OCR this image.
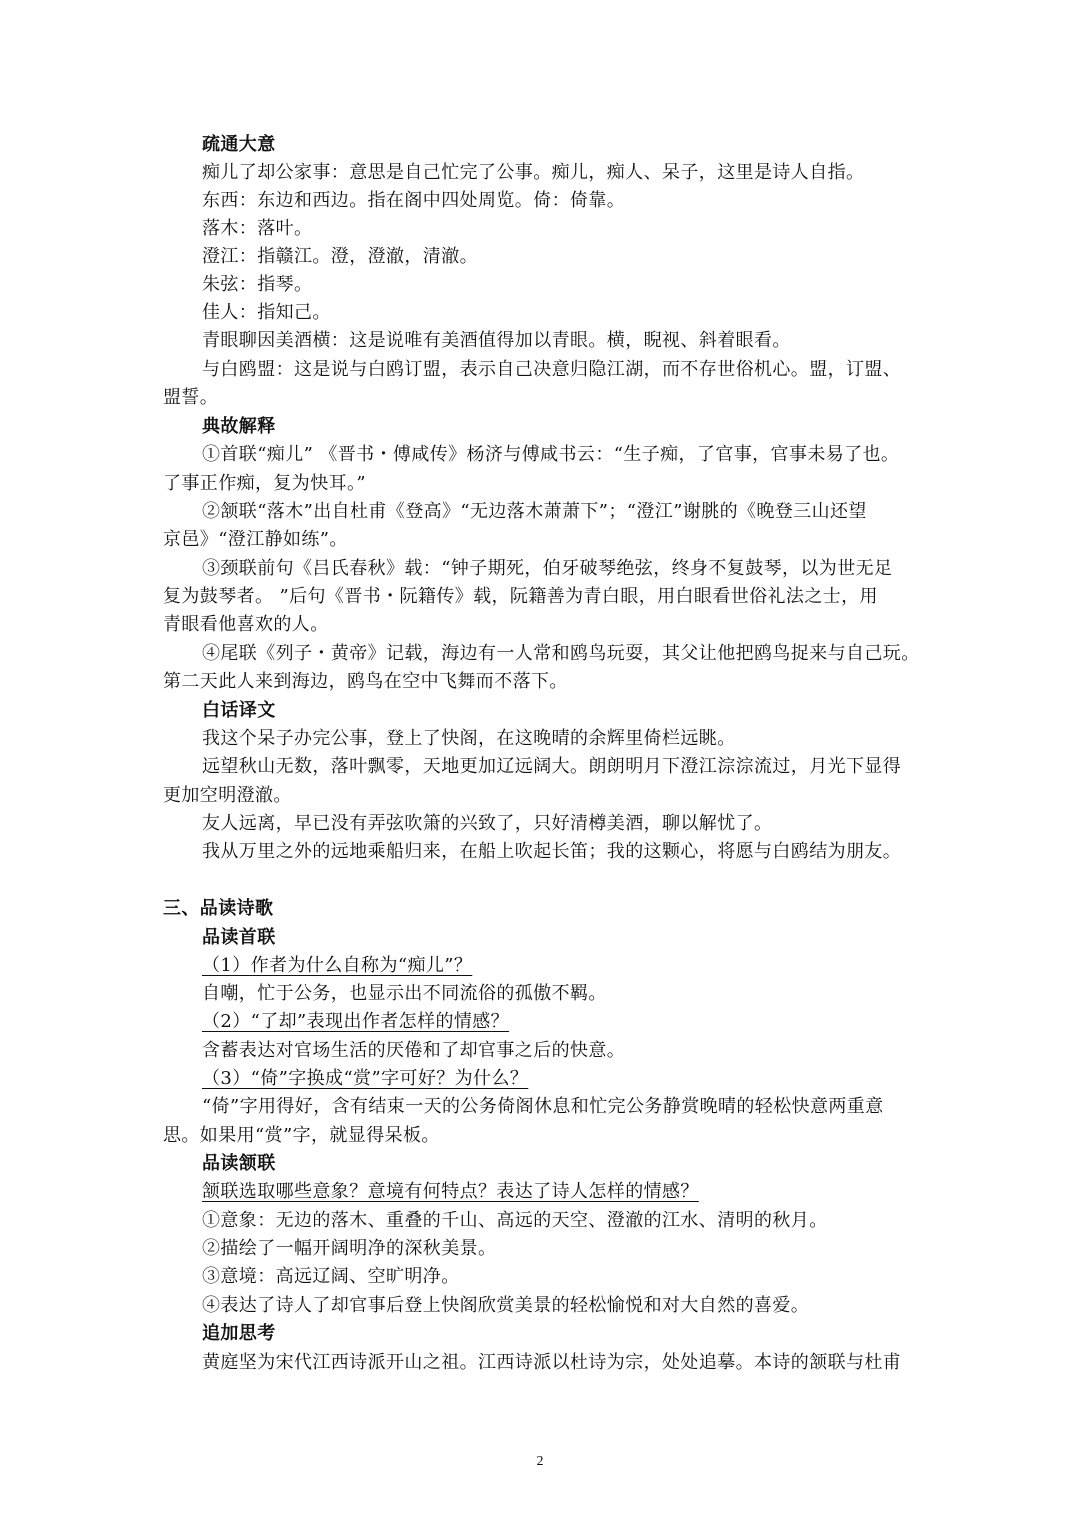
疏通大意
痴儿了却公家事：意思是自己忙完了公事。痴儿，痴人、呆子，这里是诗人自指。
东西：东边和西边。指在阁中四处周览。倚：倚靠。
落木：落叶。
澄江：指赣江。澄，澄澈，清澈。
朱弦：指琴。
佳人：指知己。
青眼聊因美酒横：这是说唯有美酒值得加以青眼。横，睨视、斜着眼看。
与白鸥盟：这是说与白鸥订盟，表示自己决意归隐江湖，而不存世俗机心。盟，订盟、
盟誓。
典故解释
①首联“痴儿” 《晋书・傅咸传》杨济与傅咸书云：“生子痴，了官事，官事未易了也。
了事正作痴，复为快耳。”
②颔联“落木”出自杜甫《登高》“无边落木萧萧下”；“澄江”谢朓的《晚登三山还望
京邑》“澄江静如练”。
③颈联前句《吕氏春秋》载：“钟子期死，伯牙破琴绝弦，终身不复鼓琴，以为世无足
复为鼓琴者。 ”后句《晋书・阮籍传》载，阮籍善为青白眼，用白眼看世俗礼法之士，用
青眼看他喜欢的人。
④尾联《列子・黄帝》记载，海边有一人常和鸥鸟玩耍，其父让他把鸥鸟捉来与自己玩。
第二天此人来到海边，鸥鸟在空中飞舞而不落下。
白话译文
我这个呆子办完公事，登上了快阁，在这晚晴的余辉里倚栏远眺。
远望秋山无数，落叶飘零，天地更加辽远阔大。朗朗明月下澄江淙淙流过，月光下显得
更加空明澄澈。
友人远离，早已没有弄弦吹箫的兴致了，只好清樽美酒，聊以解忧了。
我从万里之外的远地乘船归来，在船上吹起长笛；我的这颗心，将愿与白鸥结为朋友。
三、品读诗歌
品读首联
（1）作者为什么自称为“痴儿”？
自嘲，忙于公务，也显示出不同流俗的孤傲不羁。
（2）“了却”表现出作者怎样的情感？
含蓄表达对官场生活的厌倦和了却官事之后的快意。
（3）“倚”字换成“赏”字可好？为什么？
“倚”字用得好，含有结束一天的公务倚阁休息和忙完公务静赏晚晴的轻松快意两重意
思。如果用“赏”字，就显得呆板。
品读颔联
颔联选取哪些意象？意境有何特点？表达了诗人怎样的情感？
①意象：无边的落木、重叠的千山、高远的天空、澄澈的江水、清明的秋月。
②描绘了一幅开阔明净的深秋美景。
③意境：高远辽阔、空旷明净。
④表达了诗人了却官事后登上快阁欣赏美景的轻松愉悦和对大自然的喜爱。
追加思考
黄庭坚为宋代江西诗派开山之祖。江西诗派以杜诗为宗，处处追摹。本诗的颔联与杜甫
2
